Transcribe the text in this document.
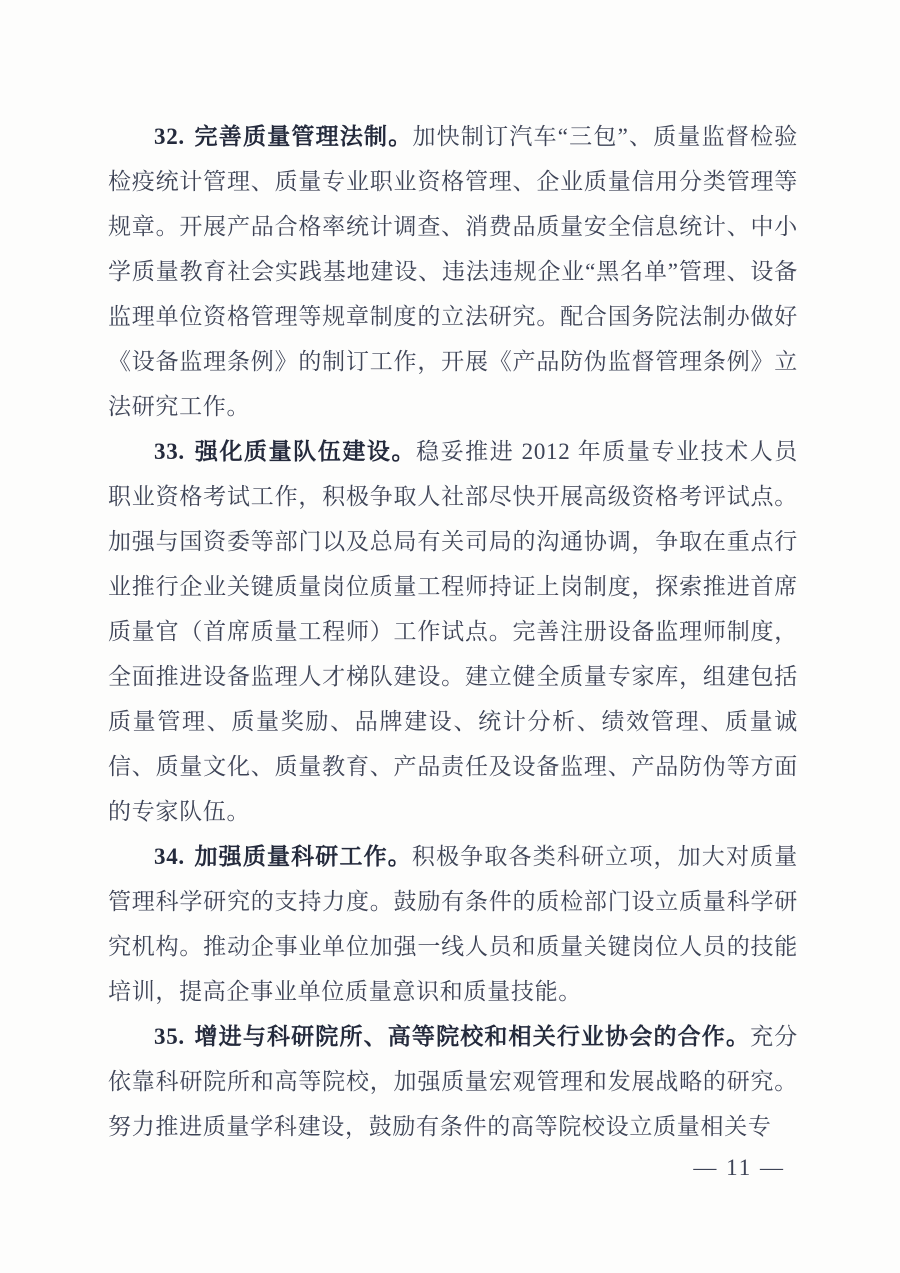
32. 完善质量管理法制。加快制订汽车“三包”、质量监督检验检疫统计管理、质量专业职业资格管理、企业质量信用分类管理等规章。开展产品合格率统计调查、消费品质量安全信息统计、中小学质量教育社会实践基地建设、违法违规企业“黑名单”管理、设备监理单位资格管理等规章制度的立法研究。配合国务院法制办做好《设备监理条例》的制订工作，开展《产品防伪监督管理条例》立法研究工作。

33. 强化质量队伍建设。稳妥推进 2012 年质量专业技术人员职业资格考试工作，积极争取人社部尽快开展高级资格考评试点。加强与国资委等部门以及总局有关司局的沟通协调，争取在重点行业推行企业关键质量岗位质量工程师持证上岗制度，探索推进首席质量官（首席质量工程师）工作试点。完善注册设备监理师制度，全面推进设备监理人才梯队建设。建立健全质量专家库，组建包括质量管理、质量奖励、品牌建设、统计分析、绩效管理、质量诚信、质量文化、质量教育、产品责任及设备监理、产品防伪等方面的专家队伍。

34. 加强质量科研工作。积极争取各类科研立项，加大对质量管理科学研究的支持力度。鼓励有条件的质检部门设立质量科学研究机构。推动企事业单位加强一线人员和质量关键岗位人员的技能培训，提高企事业单位质量意识和质量技能。

35. 增进与科研院所、高等院校和相关行业协会的合作。充分依靠科研院所和高等院校，加强质量宏观管理和发展战略的研究。努力推进质量学科建设，鼓励有条件的高等院校设立质量相关专

— 11 —
